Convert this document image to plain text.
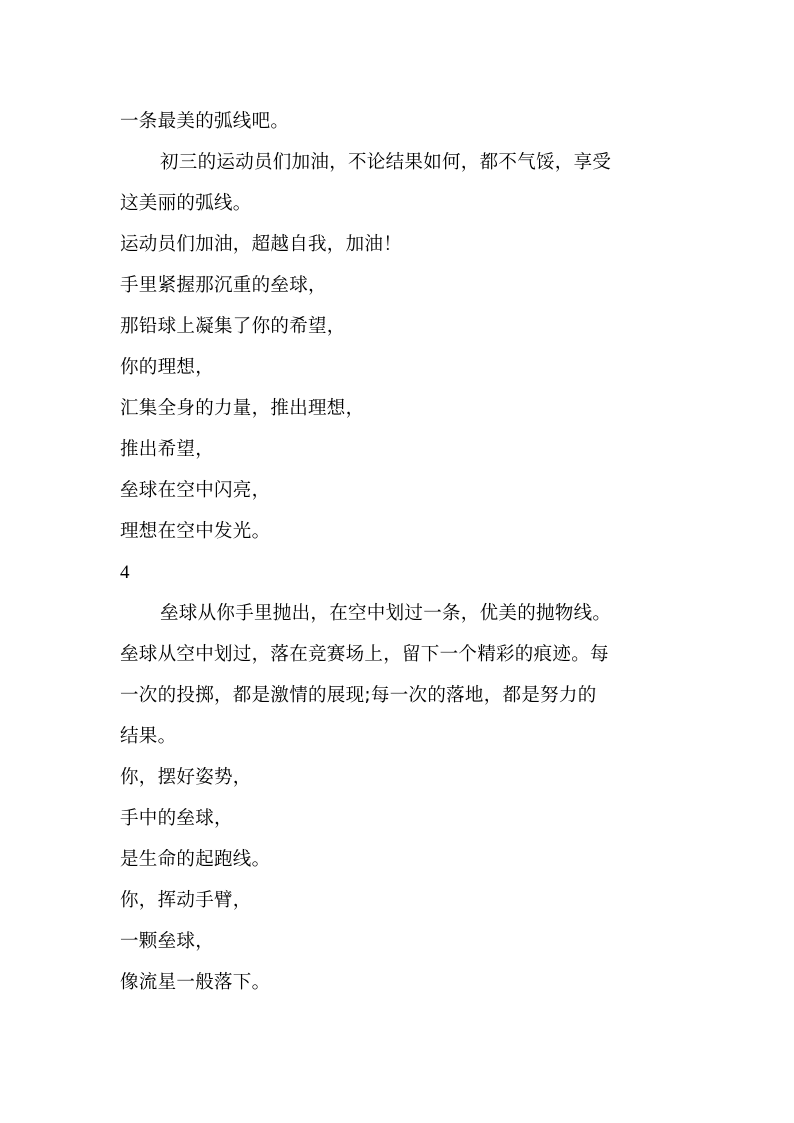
一条最美的弧线吧。
初三的运动员们加油，不论结果如何，都不气馁，享受
这美丽的弧线。
运动员们加油，超越自我，加油！
手里紧握那沉重的垒球，
那铅球上凝集了你的希望，
你的理想，
汇集全身的力量，推出理想，
推出希望，
垒球在空中闪亮，
理想在空中发光。
4
垒球从你手里抛出，在空中划过一条，优美的抛物线。
垒球从空中划过，落在竞赛场上，留下一个精彩的痕迹。每
一次的投掷，都是激情的展现;每一次的落地，都是努力的
结果。
你，摆好姿势，
手中的垒球，
是生命的起跑线。
你，挥动手臂，
一颗垒球，
像流星一般落下。
